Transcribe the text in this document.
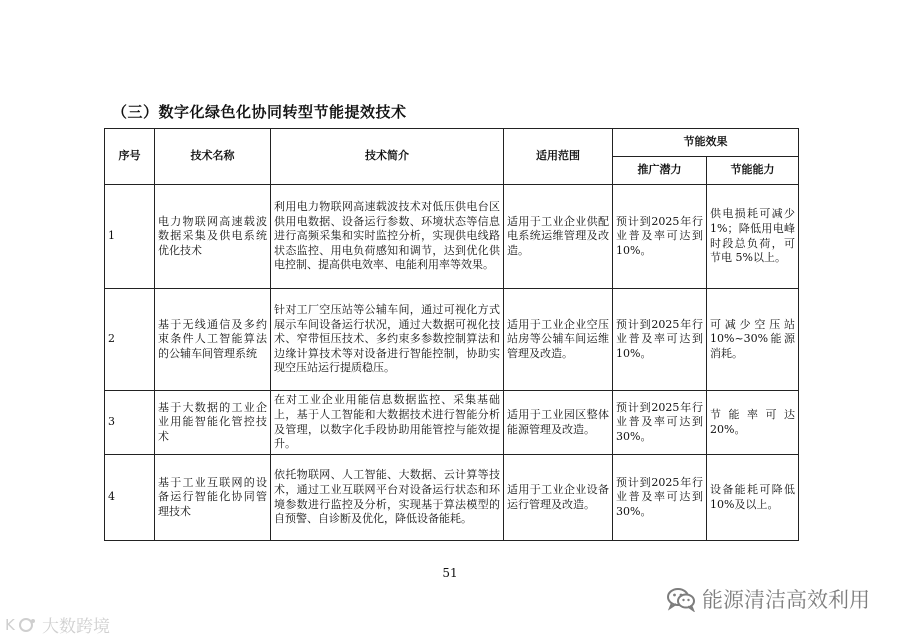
（三）数字化绿色化协同转型节能提效技术
序号	技术名称	技术简介	适用范围	节能效果	
				推广潜力	节能能力
1	电力物联网高速载波数据采集及供电系统优化技术	利用电力物联网高速载波技术对低压供电台区供用电数据、设备运行参数、环境状态等信息进行高频采集和实时监控分析，实现供电线路状态监控、用电负荷感知和调节，达到优化供电控制、提高供电效率、电能利用率等效果。	适用于工业企业供配电系统运维管理及改造。	预计到2025年行业普及率可达到10%。	供电损耗可减少1%；降低用电峰时段总负荷，可节电 5%以上。
2	基于无线通信及多约束条件人工智能算法的公辅车间管理系统	针对工厂空压站等公辅车间，通过可视化方式展示车间设备运行状况，通过大数据可视化技术、窄带恒压技术、多约束多参数控制算法和边缘计算技术等对设备进行智能控制，协助实现空压站运行提质稳压。	适用于工业企业空压站房等公辅车间运维管理及改造。	预计到2025年行业普及率可达到10%。	可减少空压站 10%~30%能源消耗。
3	基于大数据的工业企业用能智能化管控技术	在对工业企业用能信息数据监控、采集基础上，基于人工智能和大数据技术进行智能分析及管理，以数字化手段协助用能管控与能效提升。	适用于工业园区整体能源管理及改造。	预计到2025年行业普及率可达到30%。	节能率可达20%。
4	基于工业互联网的设备运行智能化协同管理技术	依托物联网、人工智能、大数据、云计算等技术，通过工业互联网平台对设备运行状态和环境参数进行监控及分析，实现基于算法模型的自预警、自诊断及优化，降低设备能耗。	适用于工业企业设备运行管理及改造。	预计到2025年行业普及率可达到30%。	设备能耗可降低 10%及以上。
51
K 大数跨境
能源清洁高效利用
